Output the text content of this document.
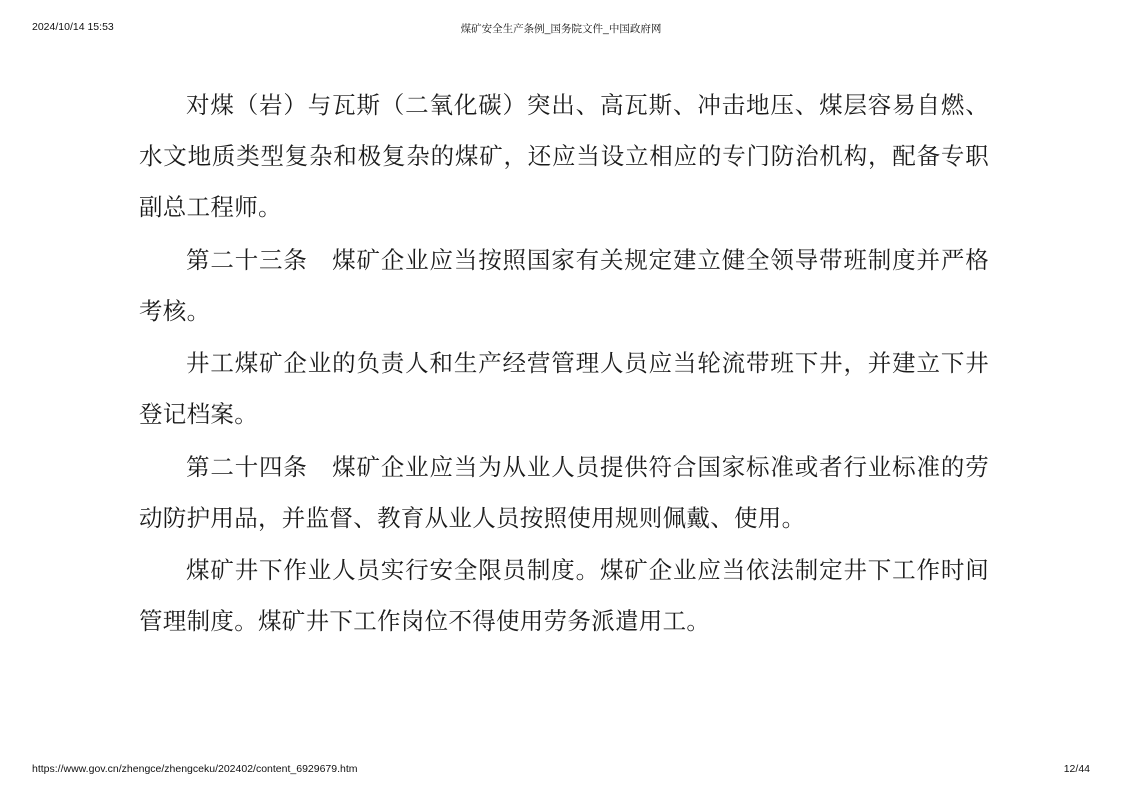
2024/10/14 15:53	煤矿安全生产条例_国务院文件_中国政府网

对煤（岩）与瓦斯（二氧化碳）突出、高瓦斯、冲击地压、煤层容易自燃、水文地质类型复杂和极复杂的煤矿，还应当设立相应的专门防治机构，配备专职副总工程师。

第二十三条　煤矿企业应当按照国家有关规定建立健全领导带班制度并严格考核。

井工煤矿企业的负责人和生产经营管理人员应当轮流带班下井，并建立下井登记档案。

第二十四条　煤矿企业应当为从业人员提供符合国家标准或者行业标准的劳动防护用品，并监督、教育从业人员按照使用规则佩戴、使用。

煤矿井下作业人员实行安全限员制度。煤矿企业应当依法制定井下工作时间管理制度。煤矿井下工作岗位不得使用劳务派遣用工。

https://www.gov.cn/zhengce/zhengceku/202402/content_6929679.htm	12/44
